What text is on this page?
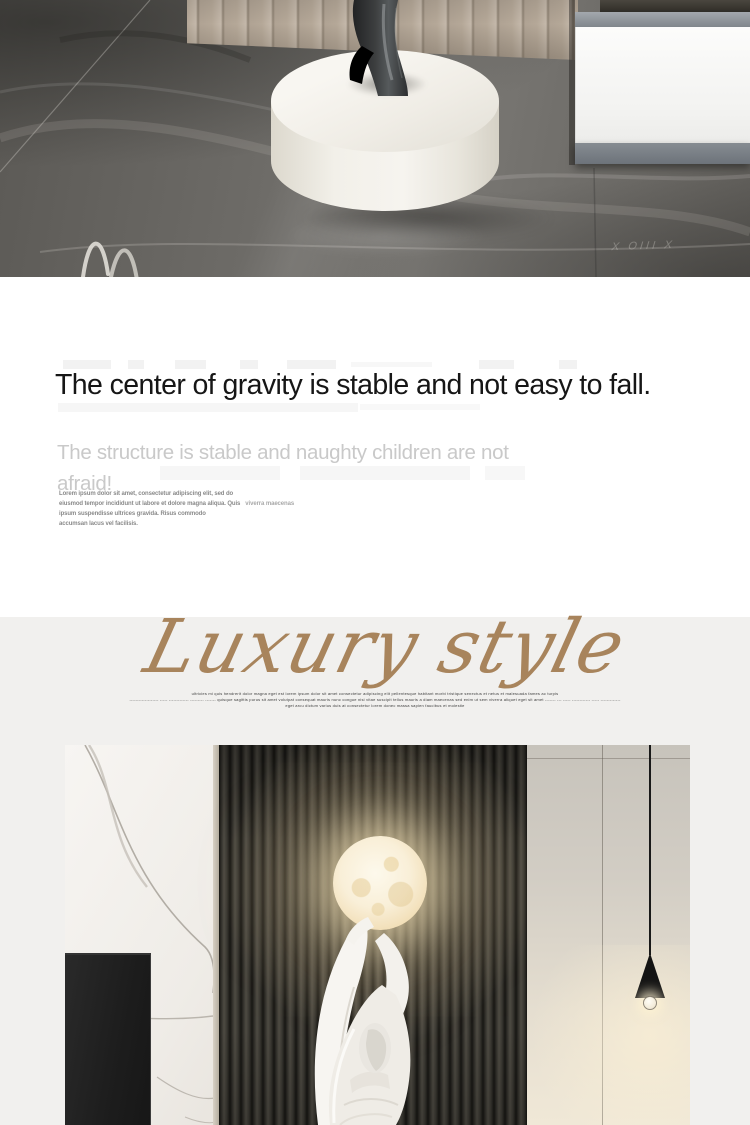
X OIII X
The center of gravity is stable and not easy to fall.
The structure is stable and naughty children are not
afraid!
Lorem ipsum dolor sit amet, consectetur adipiscing elit, sed do
eiusmod tempor incididunt ut labore et dolore magna aliqua. Quis viverra maecenas
ipsum suspendisse ultrices gravida. Risus commodo
accumsan lacus vel facilisis.
Luxury style
ultricies mi quis hendrerit dolor magna eget est lorem ipsum dolor sit amet consectetur adipiscing elit pellentesque habitant morbi tristique senectus et netus et malesuada fames ac turpis
------------------- ----- ------------- --------- ------- quisque sagittis purus sit amet volutpat consequat mauris nunc congue nisi vitae suscipit tellus mauris a diam maecenas sed enim ut sem viverra aliquet eget sit amet ------- --- ----- ------------ ----- -------------
eget arcu dictum varius duis at consectetur lorem donec massa sapien faucibus et molestie
